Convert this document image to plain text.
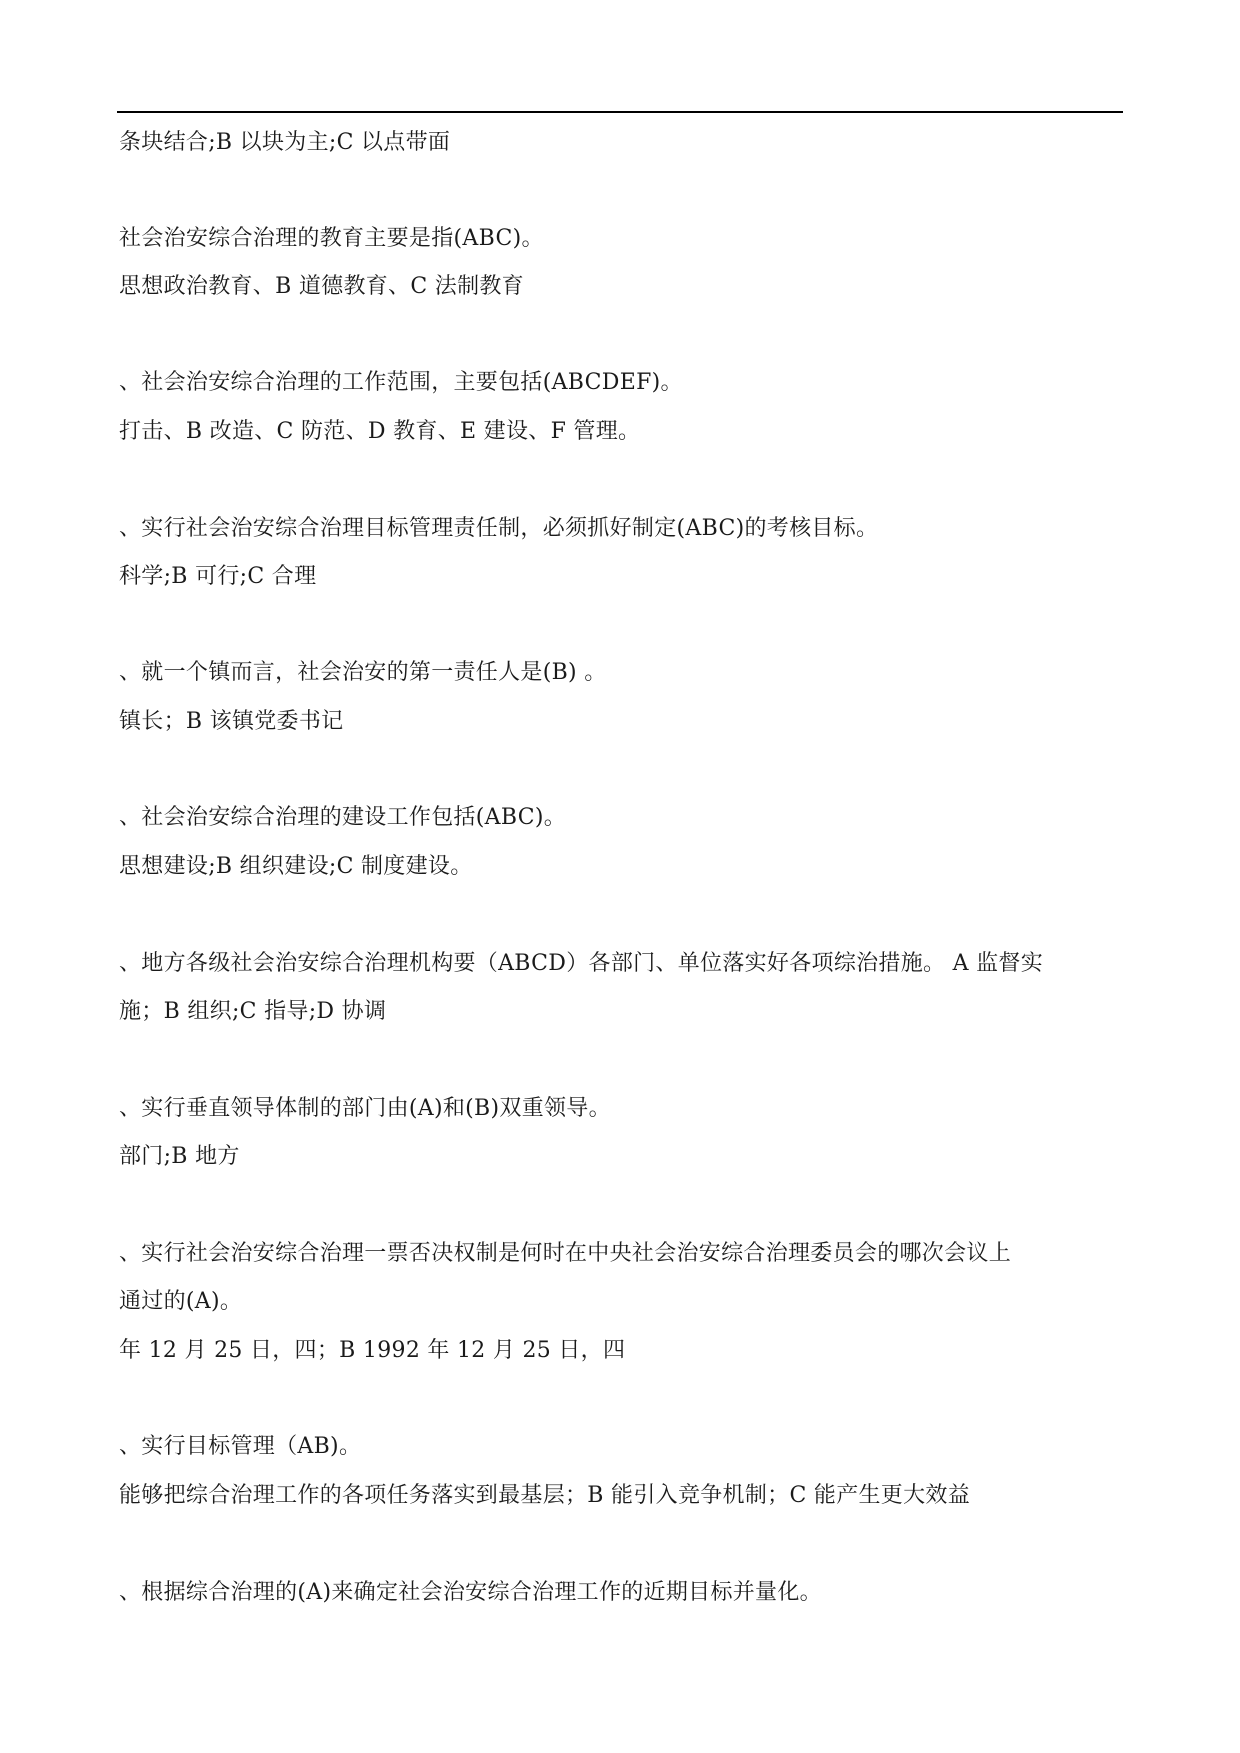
条块结合;B 以块为主;C 以点带面
社会治安综合治理的教育主要是指(ABC)。
思想政治教育、B 道德教育、C 法制教育
、社会治安综合治理的工作范围，主要包括(ABCDEF)。
打击、B 改造、C 防范、D 教育、E 建设、F 管理。
、实行社会治安综合治理目标管理责任制，必须抓好制定(ABC)的考核目标。
科学;B 可行;C 合理
、就一个镇而言，社会治安的第一责任人是(B) 。
镇长；B 该镇党委书记
、社会治安综合治理的建设工作包括(ABC)。
思想建设;B 组织建设;C 制度建设。
、地方各级社会治安综合治理机构要（ABCD）各部门、单位落实好各项综治措施。 A 监督实
施；B 组织;C 指导;D 协调
、实行垂直领导体制的部门由(A)和(B)双重领导。
部门;B 地方
、实行社会治安综合治理一票否决权制是何时在中央社会治安综合治理委员会的哪次会议上
通过的(A)。
年 12 月 25 日，四；B 1992 年 12 月 25 日，四
、实行目标管理（AB)。
能够把综合治理工作的各项任务落实到最基层；B 能引入竞争机制；C 能产生更大效益
、根据综合治理的(A)来确定社会治安综合治理工作的近期目标并量化。
